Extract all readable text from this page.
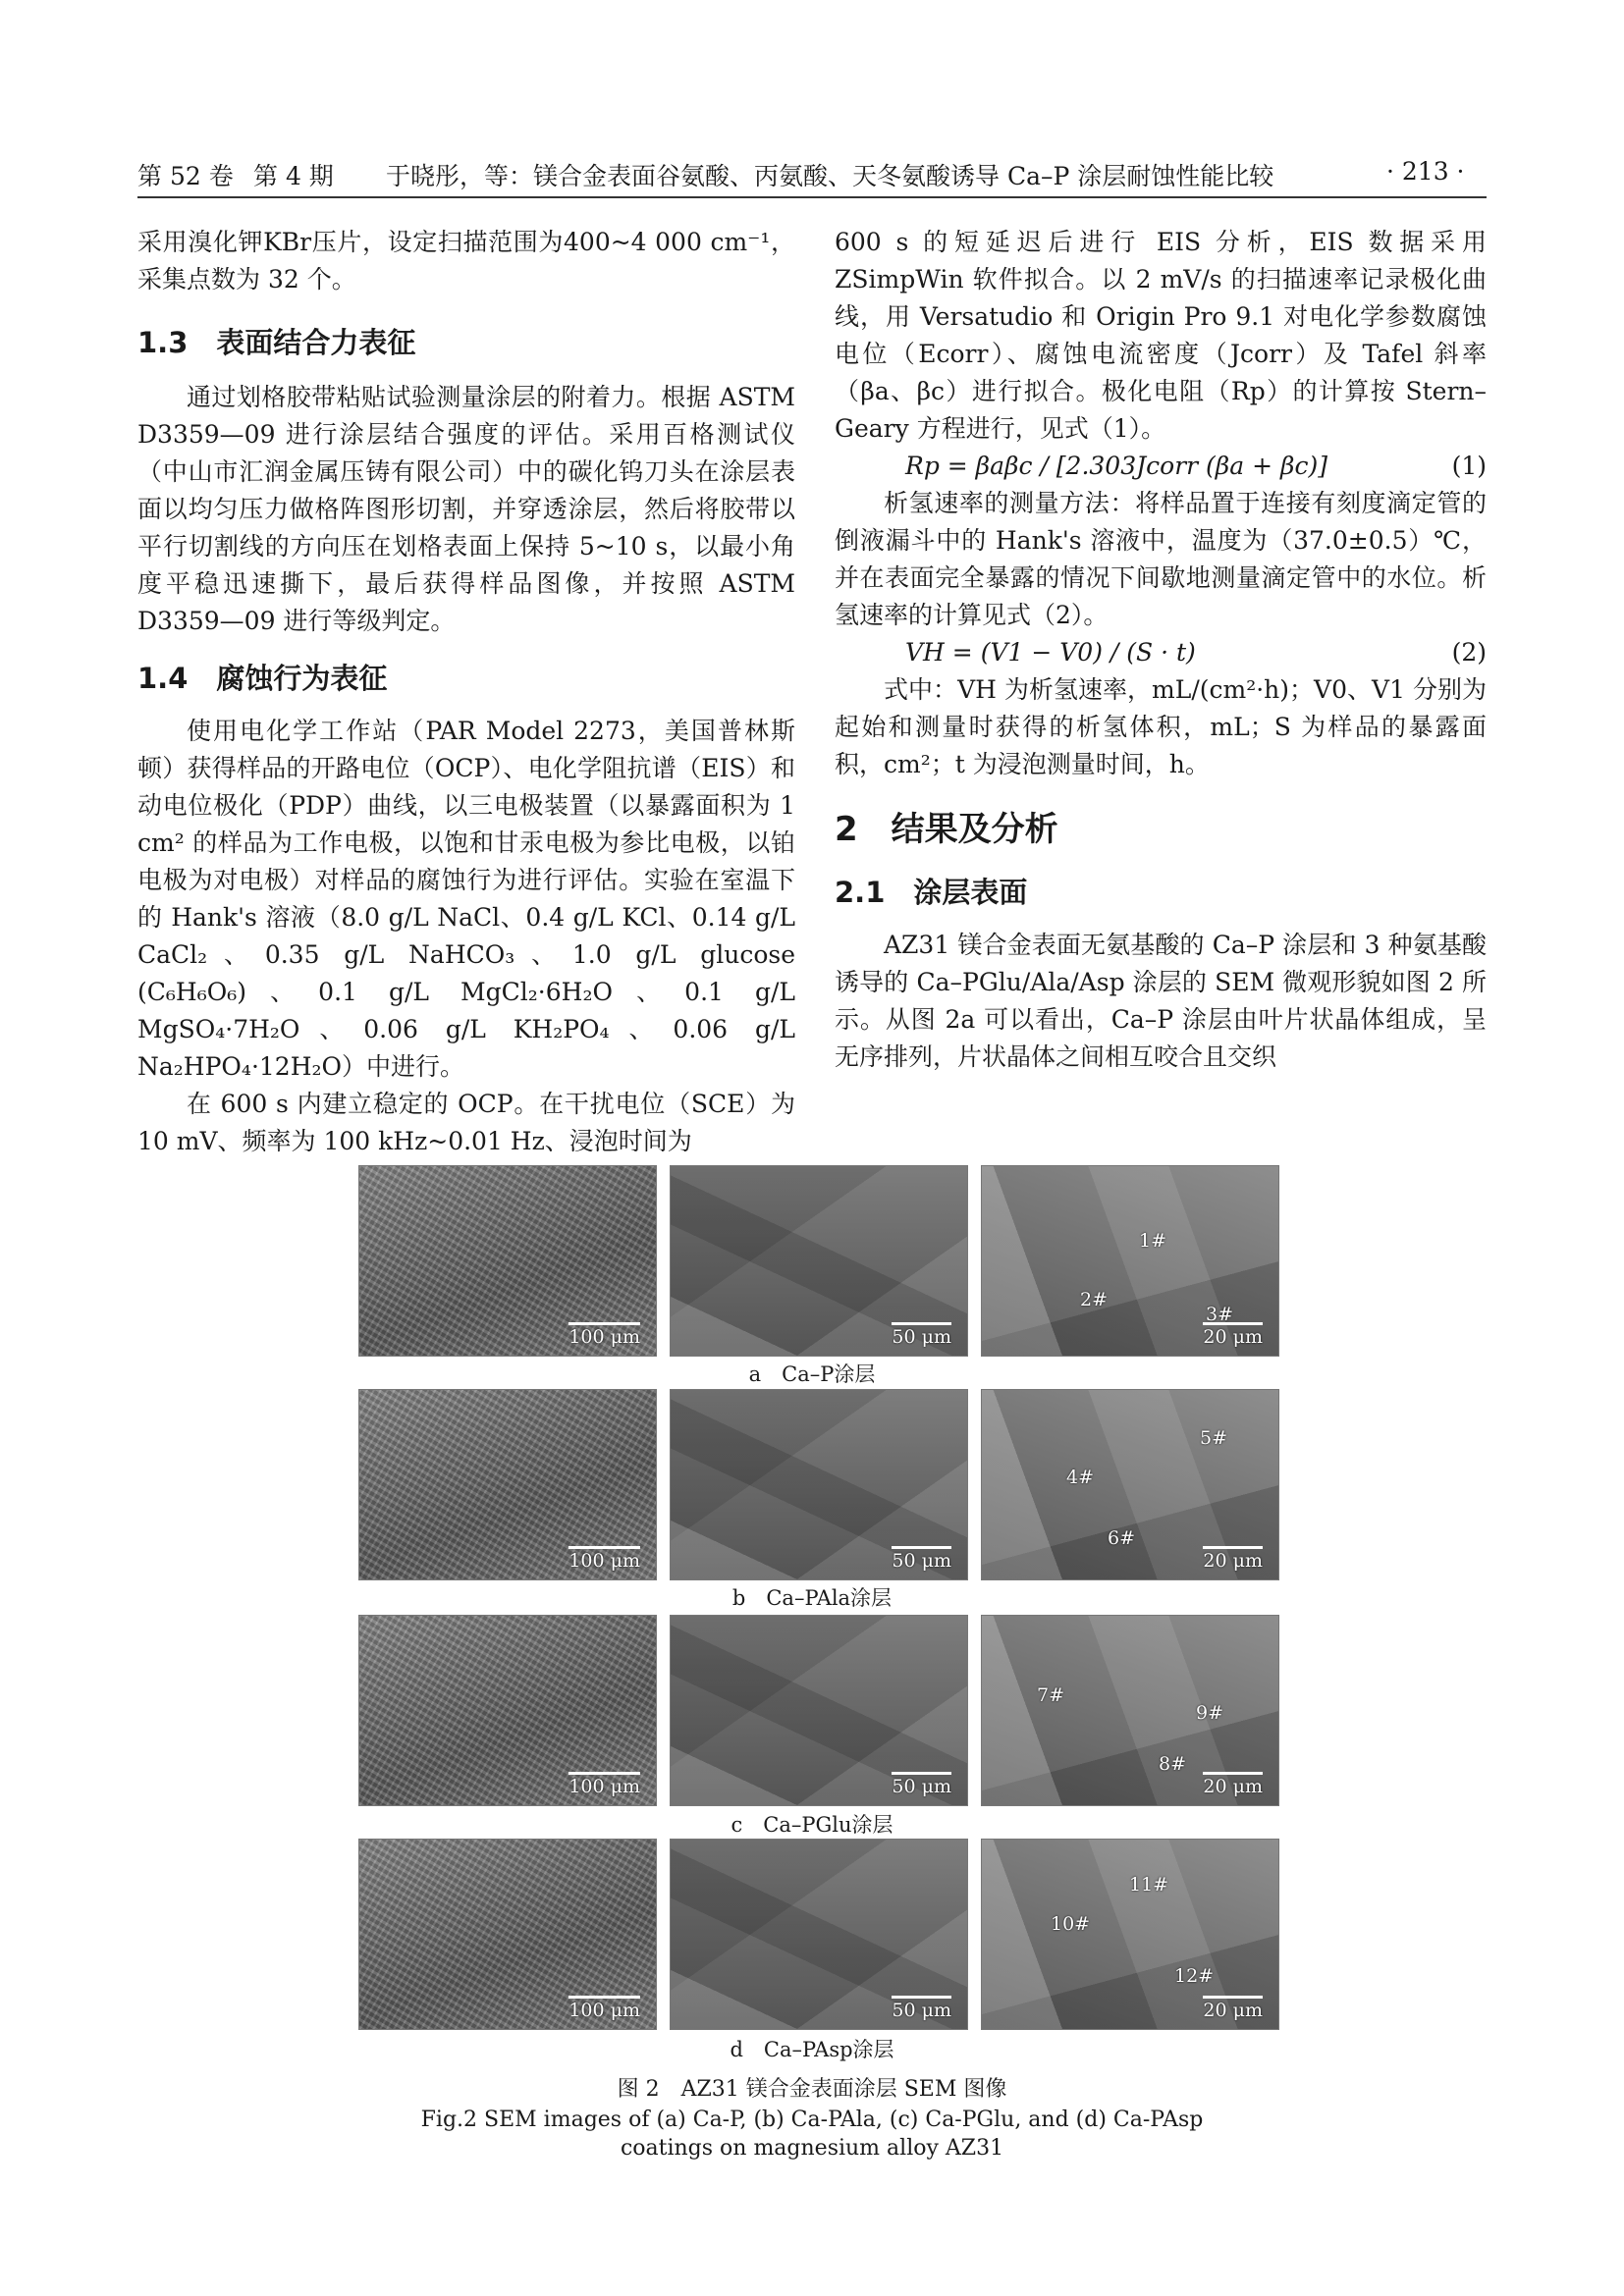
第 52 卷 第 4 期 于晓彤，等：镁合金表面谷氨酸、丙氨酸、天冬氨酸诱导 Ca–P 涂层耐蚀性能比较	· 213 ·

采用溴化钾KBr压片，设定扫描范围为400~4 000 cm⁻¹，采集点数为 32 个。

1.3　表面结合力表征

通过划格胶带粘贴试验测量涂层的附着力。根据 ASTM D3359—09 进行涂层结合强度的评估。采用百格测试仪（中山市汇润金属压铸有限公司）中的碳化钨刀头在涂层表面以均匀压力做格阵图形切割，并穿透涂层，然后将胶带以平行切割线的方向压在划格表面上保持 5~10 s，以最小角度平稳迅速撕下，最后获得样品图像，并按照 ASTM D3359—09 进行等级判定。

1.4　腐蚀行为表征

使用电化学工作站（PAR Model 2273，美国普林斯顿）获得样品的开路电位（OCP）、电化学阻抗谱（EIS）和动电位极化（PDP）曲线，以三电极装置（以暴露面积为 1 cm² 的样品为工作电极，以饱和甘汞电极为参比电极，以铂电极为对电极）对样品的腐蚀行为进行评估。实验在室温下的 Hank's 溶液（8.0 g/L NaCl、0.4 g/L KCl、0.14 g/L CaCl₂、0.35 g/L NaHCO₃、1.0 g/L glucose (C₆H₆O₆)、0.1 g/L MgCl₂·6H₂O、0.1 g/L MgSO₄·7H₂O、0.06 g/L KH₂PO₄、0.06 g/L Na₂HPO₄·12H₂O）中进行。

在 600 s 内建立稳定的 OCP。在干扰电位（SCE）为 10 mV、频率为 100 kHz~0.01 Hz、浸泡时间为

600 s 的短延迟后进行 EIS 分析，EIS 数据采用 ZSimpWin 软件拟合。以 2 mV/s 的扫描速率记录极化曲线，用 Versatudio 和 Origin Pro 9.1 对电化学参数腐蚀电位（Ecorr）、腐蚀电流密度（Jcorr）及 Tafel 斜率（βa、βc）进行拟合。极化电阻（Rp）的计算按 Stern–Geary 方程进行，见式（1）。

Rp = βaβc / [2.303Jcorr (βa + βc)]	(1)

析氢速率的测量方法：将样品置于连接有刻度滴定管的倒液漏斗中的 Hank's 溶液中，温度为（37.0±0.5）℃，并在表面完全暴露的情况下间歇地测量滴定管中的水位。析氢速率的计算见式（2）。

VH = (V1 − V0) / (S · t)	(2)

式中：VH 为析氢速率，mL/(cm²·h)；V0、V1 分别为起始和测量时获得的析氢体积，mL；S 为样品的暴露面积，cm²；t 为浸泡测量时间，h。

2　结果及分析

2.1　涂层表面

AZ31 镁合金表面无氨基酸的 Ca–P 涂层和 3 种氨基酸诱导的 Ca–PGlu/Ala/Asp 涂层的 SEM 微观形貌如图 2 所示。从图 2a 可以看出，Ca–P 涂层由叶片状晶体组成，呈无序排列，片状晶体之间相互咬合且交织

100 μm	50 μm
1#
2#
3#
20 μm
a　Ca–P涂层
100 μm	50 μm
4#
5#
6#
20 μm
b　Ca–PAla涂层
100 μm	50 μm
7#
8#
9#
20 μm
c　Ca–PGlu涂层
100 μm	50 μm
10#
11#
12#
20 μm
d　Ca–PAsp涂层
图 2　AZ31 镁合金表面涂层 SEM 图像
Fig.2 SEM images of (a) Ca-P, (b) Ca-PAla, (c) Ca-PGlu, and (d) Ca-PAsp
coatings on magnesium alloy AZ31
